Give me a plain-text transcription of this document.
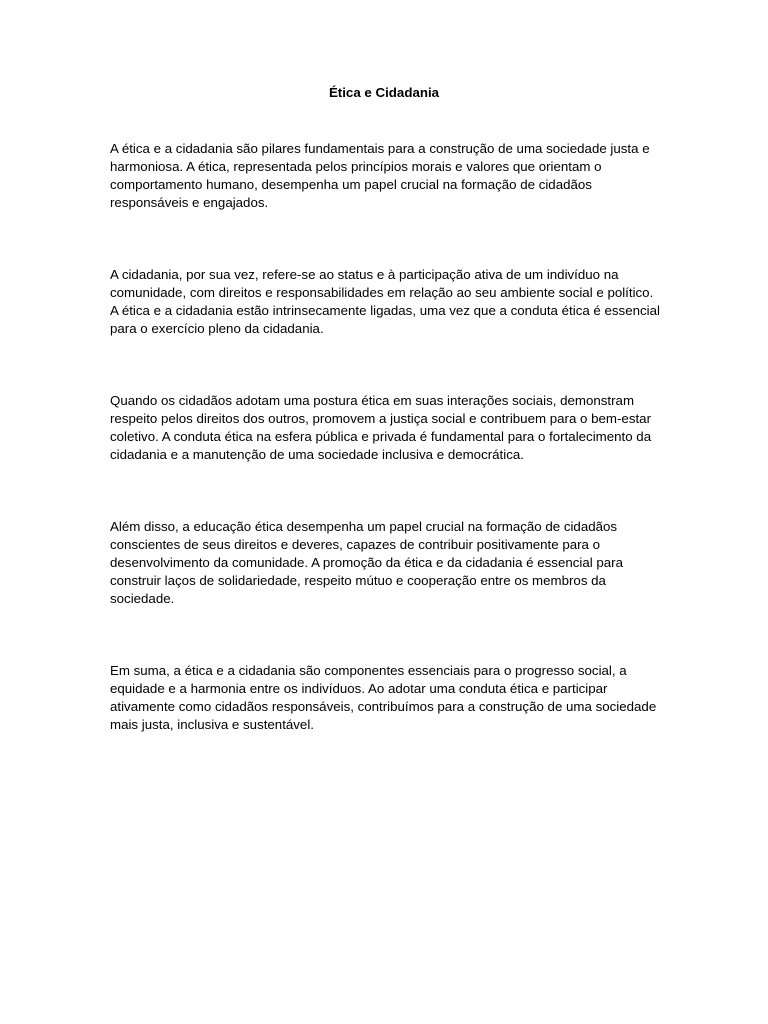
Ética e Cidadania

A ética e a cidadania são pilares fundamentais para a construção de uma sociedade justa e harmoniosa. A ética, representada pelos princípios morais e valores que orientam o comportamento humano, desempenha um papel crucial na formação de cidadãos responsáveis e engajados.

A cidadania, por sua vez, refere-se ao status e à participação ativa de um indivíduo na comunidade, com direitos e responsabilidades em relação ao seu ambiente social e político. A ética e a cidadania estão intrinsecamente ligadas, uma vez que a conduta ética é essencial para o exercício pleno da cidadania.

Quando os cidadãos adotam uma postura ética em suas interações sociais, demonstram respeito pelos direitos dos outros, promovem a justiça social e contribuem para o bem-estar coletivo. A conduta ética na esfera pública e privada é fundamental para o fortalecimento da cidadania e a manutenção de uma sociedade inclusiva e democrática.

Além disso, a educação ética desempenha um papel crucial na formação de cidadãos conscientes de seus direitos e deveres, capazes de contribuir positivamente para o desenvolvimento da comunidade. A promoção da ética e da cidadania é essencial para construir laços de solidariedade, respeito mútuo e cooperação entre os membros da sociedade.

Em suma, a ética e a cidadania são componentes essenciais para o progresso social, a equidade e a harmonia entre os indivíduos. Ao adotar uma conduta ética e participar ativamente como cidadãos responsáveis, contribuímos para a construção de uma sociedade mais justa, inclusiva e sustentável.
